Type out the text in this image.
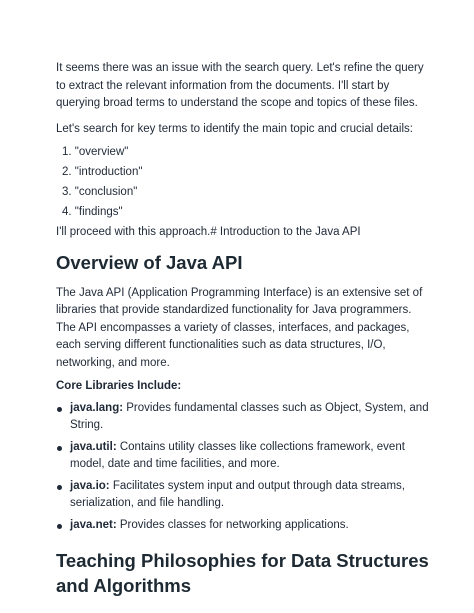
It seems there was an issue with the search query. Let's refine the query to extract the relevant information from the documents. I'll start by querying broad terms to understand the scope and topics of these files.

Let's search for key terms to identify the main topic and crucial details:

1. "overview"
2. "introduction"
3. "conclusion"
4. "findings"

I'll proceed with this approach.# Introduction to the Java API

Overview of Java API

The Java API (Application Programming Interface) is an extensive set of libraries that provide standardized functionality for Java programmers. The API encompasses a variety of classes, interfaces, and packages, each serving different functionalities such as data structures, I/O, networking, and more.

Core Libraries Include:

java.lang: Provides fundamental classes such as Object, System, and String.
java.util: Contains utility classes like collections framework, event model, date and time facilities, and more.
java.io: Facilitates system input and output through data streams, serialization, and file handling.
java.net: Provides classes for networking applications.
Teaching Philosophies for Data Structures and Algorithms
